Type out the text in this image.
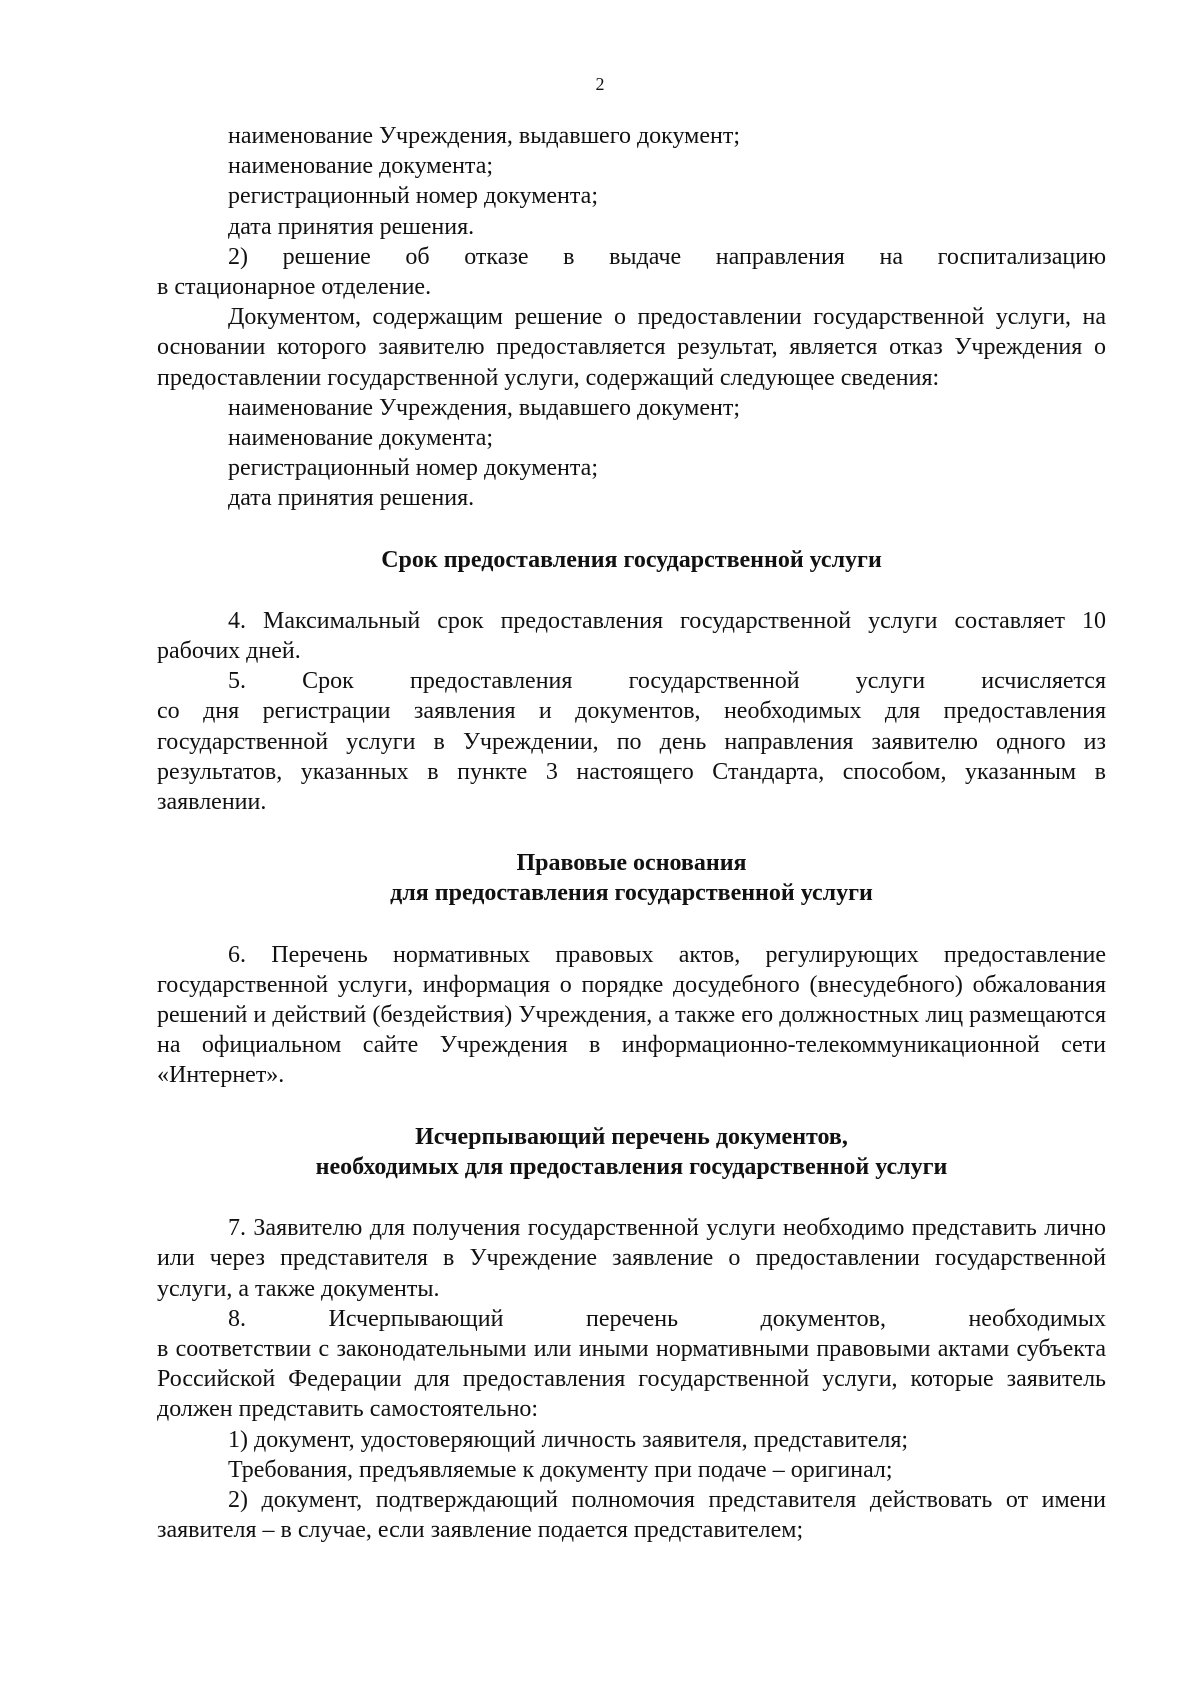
2

наименование Учреждения, выдавшего документ;

наименование документа;

регистрационный номер документа;

дата принятия решения.

2) решение об отказе в выдаче направления на госпитализацию

в стационарное отделение.

Документом, содержащим решение о предоставлении государственной услуги, на основании которого заявителю предоставляется результат, является отказ Учреждения о предоставлении государственной услуги, содержащий следующее сведения:

наименование Учреждения, выдавшего документ;

наименование документа;

регистрационный номер документа;

дата принятия решения.

Срок предоставления государственной услуги

4. Максимальный срок предоставления государственной услуги составляет 10 рабочих дней.

5. Срок предоставления государственной услуги исчисляется

со дня регистрации заявления и документов, необходимых для предоставления государственной услуги в Учреждении, по день направления заявителю одного из результатов, указанных в пункте 3 настоящего Стандарта, способом, указанным в заявлении.

Правовые основания

для предоставления государственной услуги

6. Перечень нормативных правовых актов, регулирующих предоставление государственной услуги, информация о порядке досудебного (внесудебного) обжалования решений и действий (бездействия) Учреждения, а также его должностных лиц размещаются на официальном сайте Учреждения в информационно-телекоммуникационной сети «Интернет».

Исчерпывающий перечень документов,

необходимых для предоставления государственной услуги

7. Заявителю для получения государственной услуги необходимо представить лично или через представителя в Учреждение заявление о предоставлении государственной услуги, а также документы.

8. Исчерпывающий перечень документов, необходимых

в соответствии с законодательными или иными нормативными правовыми актами субъекта Российской Федерации для предоставления государственной услуги, которые заявитель должен представить самостоятельно:

1) документ, удостоверяющий личность заявителя, представителя;

Требования, предъявляемые к документу при подаче – оригинал;

2) документ, подтверждающий полномочия представителя действовать от имени заявителя – в случае, если заявление подается представителем;
